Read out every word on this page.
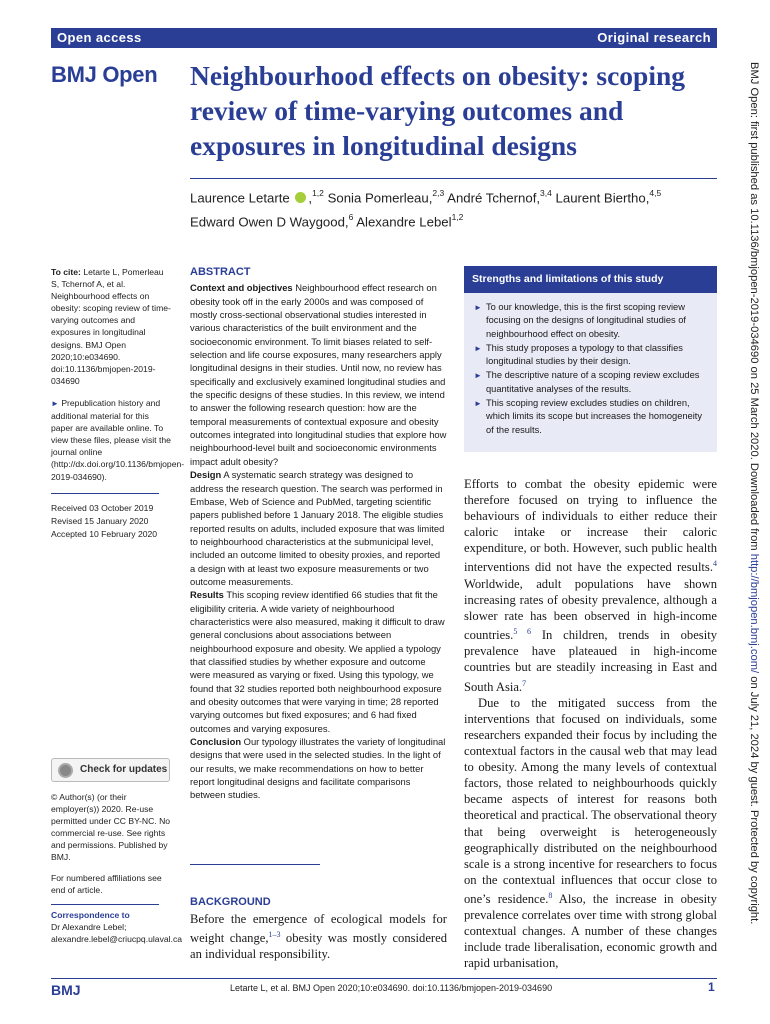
Open access	Original research
BMJ Open Neighbourhood effects on obesity: scoping review of time-varying outcomes and exposures in longitudinal designs
Laurence Letarte ,$^{1,2}$ Sonia Pomerleau,$^{2,3}$ André Tchernof,$^{3,4}$ Laurent Biertho,$^{4,5}$
Edward Owen D Waygood,$^6$ Alexandre Lebel$^{1,2}$
To cite: Letarte L, Pomerleau S, Tchernof A, et al. Neighbourhood effects on obesity: scoping review of time-varying outcomes and exposures in longitudinal designs. BMJ Open 2020;10:e034690. doi:10.1136/bmjopen-2019-034690
► Prepublication history and additional material for this paper are available online. To view these files, please visit the journal online (http://dx.doi.org/10.1136/bmjopen-2019-034690).
Received 03 October 2019
Revised 15 January 2020
Accepted 10 February 2020
Check for updates
© Author(s) (or their employer(s)) 2020. Re-use permitted under CC BY-NC. No commercial re-use. See rights and permissions. Published by BMJ.
For numbered affiliations see end of article.
Correspondence to
Dr Alexandre Lebel;
alexandre.lebel@criucpq.ulaval.ca
ABSTRACT

Context and objectives Neighbourhood effect research on obesity took off in the early 2000s and was composed of mostly cross-sectional observational studies interested in various characteristics of the built environment and the socioeconomic environment. To limit biases related to self-selection and life course exposures, many researchers apply longitudinal designs in their studies. Until now, no review has specifically and exclusively examined longitudinal studies and the specific designs of these studies. In this review, we intend to answer the following research question: how are the temporal measurements of contextual exposure and obesity outcomes integrated into longitudinal studies that explore how neighbourhood-level built and socioeconomic environments impact adult obesity?

Design A systematic search strategy was designed to address the research question. The search was performed in Embase, Web of Science and PubMed, targeting scientific papers published before 1 January 2018. The eligible studies reported results on adults, included exposure that was limited to neighbourhood characteristics at the submunicipal level, included an outcome limited to obesity proxies, and reported a design with at least two exposure measurements or two outcome measurements.

Results This scoping review identified 66 studies that fit the eligibility criteria. A wide variety of neighbourhood characteristics were also measured, making it difficult to draw general conclusions about associations between neighbourhood exposure and obesity. We applied a typology that classified studies by whether exposure and outcome were measured as varying or fixed. Using this typology, we found that 32 studies reported both neighbourhood exposure and obesity outcomes that were varying in time; 28 reported varying outcomes but fixed exposures; and 6 had fixed outcomes and varying exposures.

Conclusion Our typology illustrates the variety of longitudinal designs that were used in the selected studies. In the light of our results, we make recommendations on how to better report longitudinal designs and facilitate comparisons between studies.

BACKGROUND
Before the emergence of ecological models for weight change,$^{1-3}$ obesity was mostly considered an individual responsibility.
Strengths and limitations of this study
► To our knowledge, this is the first scoping review focusing on the designs of longitudinal studies of neighbourhood effect on obesity.
► This study proposes a typology to that classifies longitudinal studies by their design.
► The descriptive nature of a scoping review excludes quantitative analyses of the results.
► This scoping review excludes studies on children, which limits its scope but increases the homogeneity of the results.

Efforts to combat the obesity epidemic were therefore focused on trying to influence the behaviours of individuals to either reduce their caloric intake or increase their caloric expenditure, or both. However, such public health interventions did not have the expected results.$^4$ Worldwide, adult populations have shown increasing rates of obesity prevalence, although a slower rate has been observed in high-income countries.$^{5 6}$ In children, trends in obesity prevalence have plateaued in high-income countries but are steadily increasing in East and South Asia.$^7$

Due to the mitigated success from the interventions that focused on individuals, some researchers expanded their focus by including the contextual factors in the causal web that may lead to obesity. Among the many levels of contextual factors, those related to neighbourhoods quickly became aspects of interest for reasons both theoretical and practical. The observational theory that being overweight is heterogeneously geographically distributed on the neighbourhood scale is a strong incentive for researchers to focus on the contextual influences that occur close to one’s residence.$^8$ Also, the increase in obesity prevalence correlates over time with strong global contextual changes. A number of these changes include trade liberalisation, economic growth and rapid urbanisation,

BMJ	Letarte L, et al. BMJ Open 2020;10:e034690. doi:10.1136/bmjopen-2019-034690	1
BMJ Open: first published as 10.1136/bmjopen-2019-034690 on 25 March 2020. Downloaded from http://bmjopen.bmj.com/ on July 21, 2024 by guest. Protected by copyright.
